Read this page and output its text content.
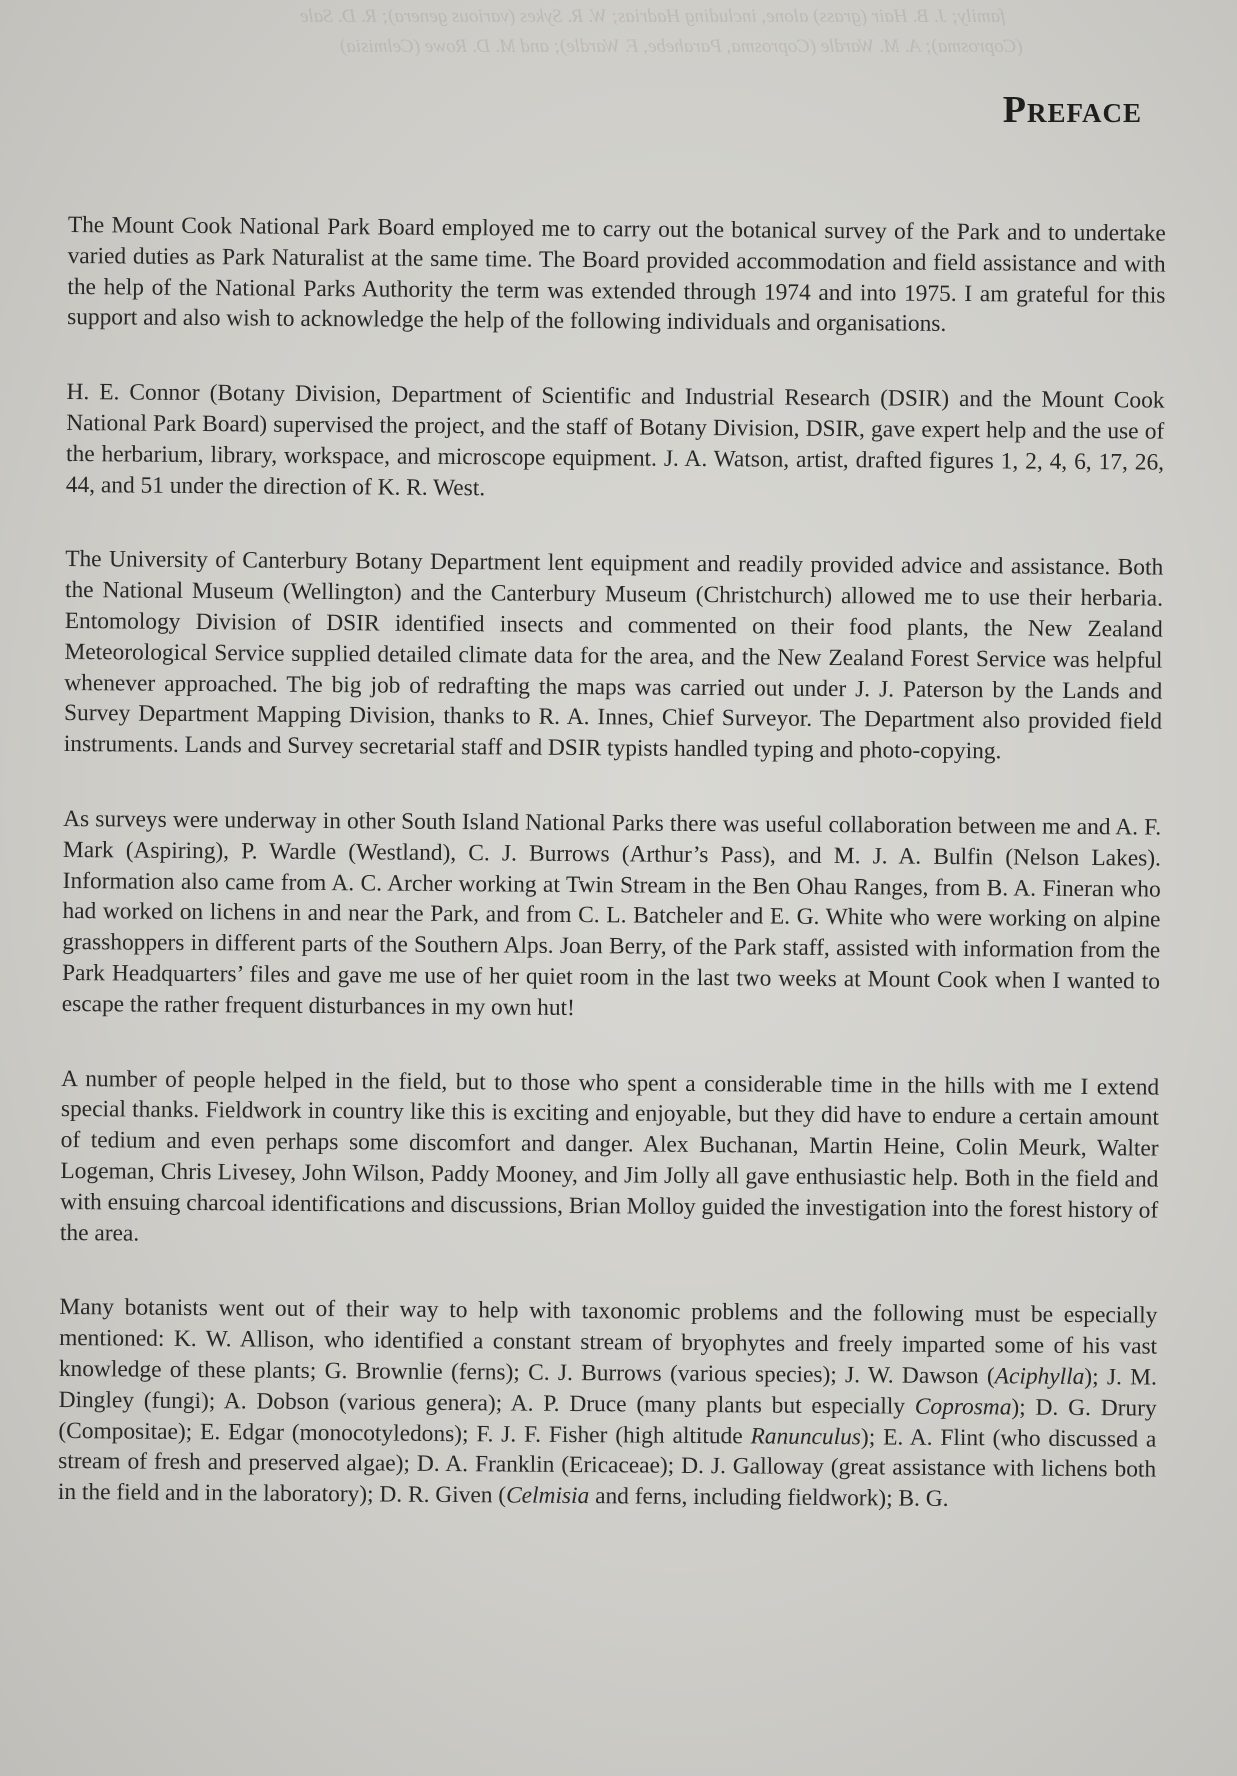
family; J. B. Hair (grass) alone, including Hadrias; W. R. Sykes (various genera); R. D. Sale

(Coprosma); A. M. Wardle (Coprosma, Parahebe, F. Wardle); and M. D. Rowe (Celmisia)

Preface

The Mount Cook National Park Board employed me to carry out the botanical survey of the Park and to undertake varied duties as Park Naturalist at the same time. The Board provided accommodation and field assistance and with the help of the National Parks Authority the term was extended through 1974 and into 1975. I am grateful for this support and also wish to acknowledge the help of the following individuals and organisations.

H. E. Connor (Botany Division, Department of Scientific and Industrial Research (DSIR) and the Mount Cook National Park Board) supervised the project, and the staff of Botany Division, DSIR, gave expert help and the use of the herbarium, library, workspace, and microscope equipment. J. A. Watson, artist, drafted figures 1, 2, 4, 6, 17, 26, 44, and 51 under the direction of K. R. West.

The University of Canterbury Botany Department lent equipment and readily provided advice and assistance. Both the National Museum (Wellington) and the Canterbury Museum (Christchurch) allowed me to use their herbaria. Entomology Division of DSIR identified insects and commented on their food plants, the New Zealand Meteorological Service supplied detailed climate data for the area, and the New Zealand Forest Service was helpful whenever approached. The big job of redrafting the maps was carried out under J. J. Paterson by the Lands and Survey Department Mapping Division, thanks to R. A. Innes, Chief Surveyor. The Department also provided field instruments. Lands and Survey secretarial staff and DSIR typists handled typing and photo-copying.

As surveys were underway in other South Island National Parks there was useful collaboration between me and A. F. Mark (Aspiring), P. Wardle (Westland), C. J. Burrows (Arthur’s Pass), and M. J. A. Bulfin (Nelson Lakes). Information also came from A. C. Archer working at Twin Stream in the Ben Ohau Ranges, from B. A. Fineran who had worked on lichens in and near the Park, and from C. L. Batcheler and E. G. White who were working on alpine grasshoppers in different parts of the Southern Alps. Joan Berry, of the Park staff, assisted with information from the Park Headquarters’ files and gave me use of her quiet room in the last two weeks at Mount Cook when I wanted to escape the rather frequent disturbances in my own hut!

A number of people helped in the field, but to those who spent a considerable time in the hills with me I extend special thanks. Fieldwork in country like this is exciting and enjoyable, but they did have to endure a certain amount of tedium and even perhaps some discomfort and danger. Alex Buchanan, Martin Heine, Colin Meurk, Walter Logeman, Chris Livesey, John Wilson, Paddy Mooney, and Jim Jolly all gave enthusiastic help. Both in the field and with ensuing charcoal identifications and discussions, Brian Molloy guided the investigation into the forest history of the area.

Many botanists went out of their way to help with taxonomic problems and the following must be especially mentioned: K. W. Allison, who identified a constant stream of bryophytes and freely imparted some of his vast knowledge of these plants; G. Brownlie (ferns); C. J. Burrows (various species); J. W. Dawson (Aciphylla); J. M. Dingley (fungi); A. Dobson (various genera); A. P. Druce (many plants but especially Coprosma); D. G. Drury (Compositae); E. Edgar (monocotyledons); F. J. F. Fisher (high altitude Ranunculus); E. A. Flint (who discussed a stream of fresh and preserved algae); D. A. Franklin (Ericaceae); D. J. Galloway (great assistance with lichens both in the field and in the laboratory); D. R. Given (Celmisia and ferns, including fieldwork); B. G.
